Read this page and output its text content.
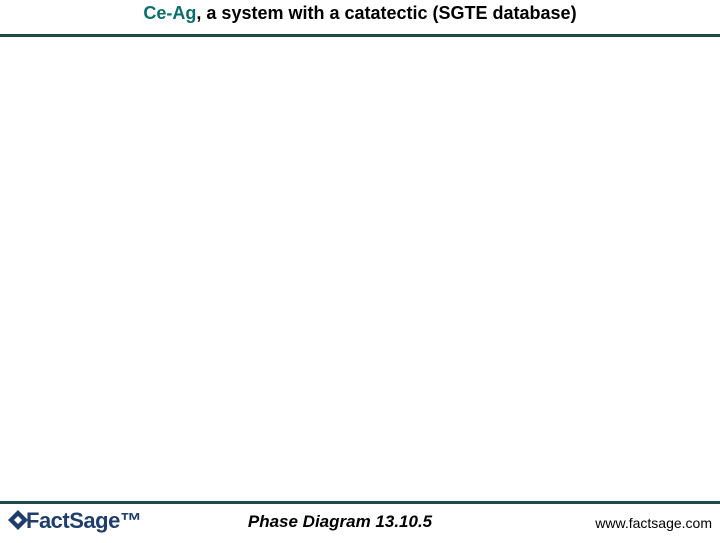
Ce-Ag, a system with a catatectic (SGTE database)
FactSage™	Phase Diagram 13.10.5	www.factsage.com
